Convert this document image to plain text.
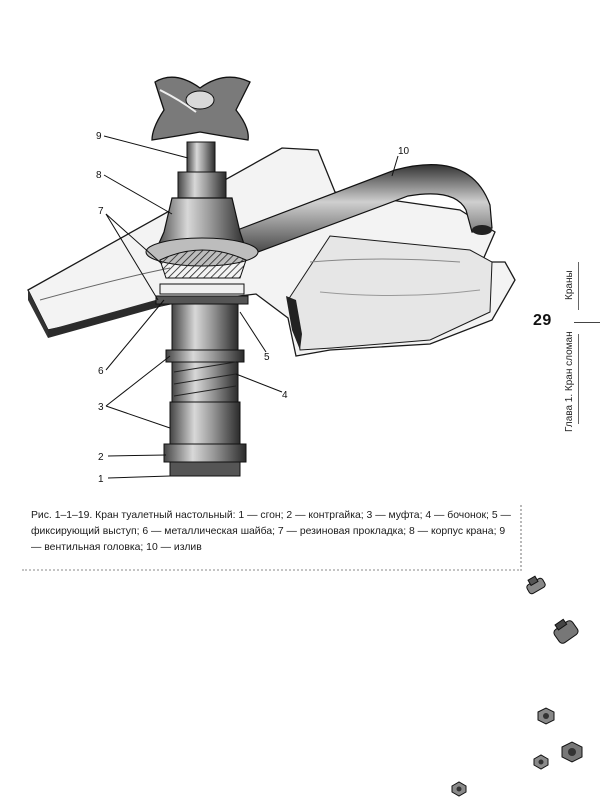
9
8
7
6
3
2
1
10
5
4
Рис. 1–1–19. Кран туалетный настольный: 1 — сгон; 2 — контргайка; 3 — муфта; 4 — бочонок; 5 — фиксирующий выступ; 6 — металлическая шайба; 7 — резиновая прокладка; 8 — корпус крана; 9 — вентильная головка; 10 — излив
29
Краны
Глава 1. Кран сломан
